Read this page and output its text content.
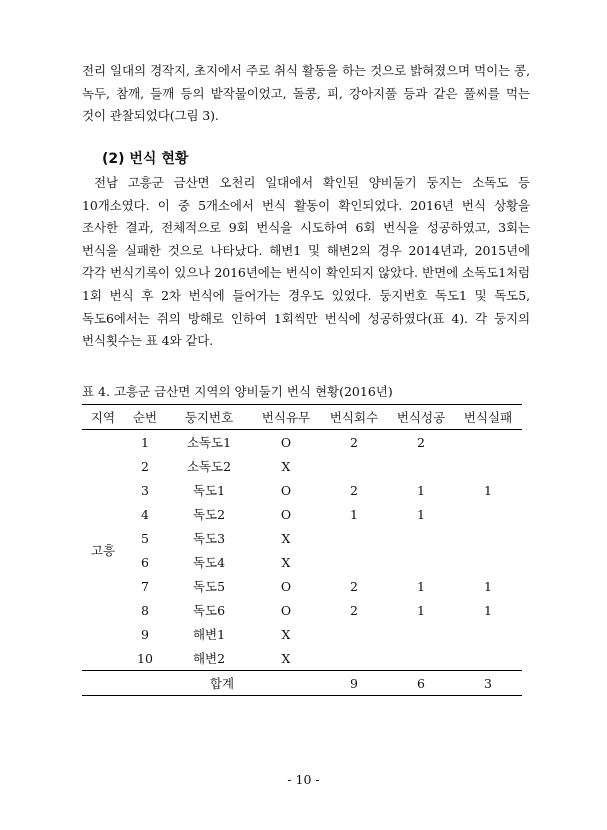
전리 일대의 경작지, 초지에서 주로 취식 활동을 하는 것으로 밝혀졌으며 먹이는 콩, 녹두, 참깨, 들깨 등의 밭작물이었고, 돌콩, 피, 강아지풀 등과 같은 풀씨를 먹는 것이 관찰되었다(그림 3).

(2) 번식 현황

전남 고흥군 금산면 오천리 일대에서 확인된 양비둘기 둥지는 소독도 등 10개소였다. 이 중 5개소에서 번식 활동이 확인되었다. 2016년 번식 상황을 조사한 결과, 전체적으로 9회 번식을 시도하여 6회 번식을 성공하였고, 3회는 번식을 실패한 것으로 나타났다. 해변1 및 해변2의 경우 2014년과, 2015년에 각각 번식기록이 있으나 2016년에는 번식이 확인되지 않았다. 반면에 소독도1처럼 1회 번식 후 2차 번식에 들어가는 경우도 있었다. 둥지번호 독도1 및 독도5, 독도6에서는 쥐의 방해로 인하여 1회씩만 번식에 성공하였다(표 4). 각 둥지의 번식횟수는 표 4와 같다.

표 4. 고흥군 금산면 지역의 양비둘기 번식 현황(2016년)

지역	순번	둥지번호	번식유무	번식회수	번식성공	번식실패
고흥	1	소독도1	O	2	2	
	2	소독도2	X			
	3	독도1	O	2	1	1
	4	독도2	O	1	1	
	5	독도3	X			
	6	독도4	X			
	7	독도5	O	2	1	1
	8	독도6	O	2	1	1
	9	해변1	X			
	10	해변2	X			
	합계			9	6	3

- 10 -
